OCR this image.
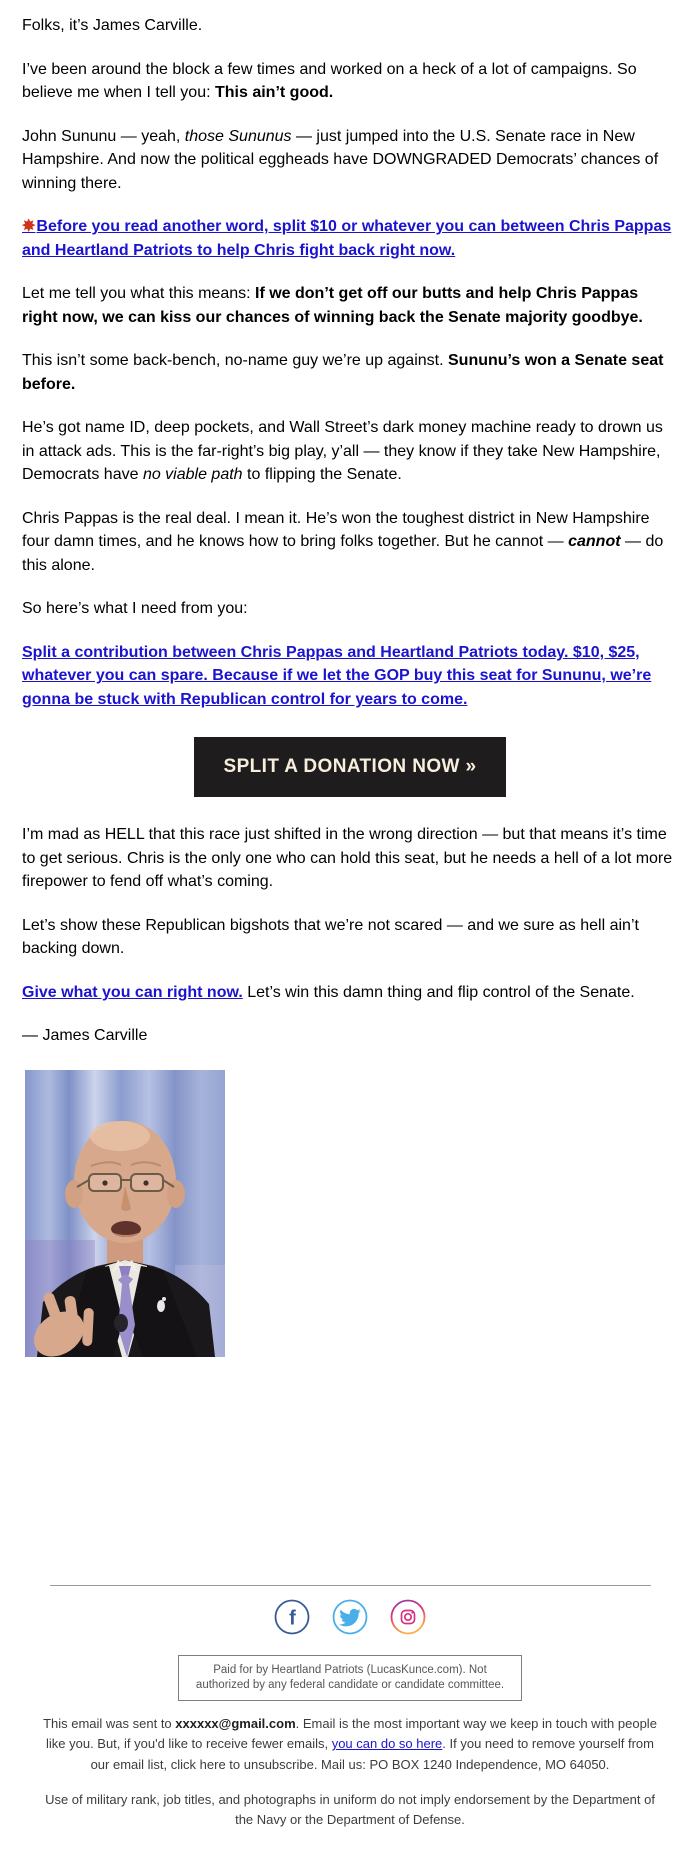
Folks, it’s James Carville.

I’ve been around the block a few times and worked on a heck of a lot of campaigns. So believe me when I tell you: This ain’t good.

John Sununu — yeah, those Sununus — just jumped into the U.S. Senate race in New Hampshire. And now the political eggheads have DOWNGRADED Democrats’ chances of winning there.

✸Before you read another word, split $10 or whatever you can between Chris Pappas and Heartland Patriots to help Chris fight back right now.

Let me tell you what this means: If we don’t get off our butts and help Chris Pappas right now, we can kiss our chances of winning back the Senate majority goodbye.

This isn’t some back-bench, no-name guy we’re up against. Sununu’s won a Senate seat before.

He’s got name ID, deep pockets, and Wall Street’s dark money machine ready to drown us in attack ads. This is the far-right’s big play, y’all — they know if they take New Hampshire, Democrats have no viable path to flipping the Senate.

Chris Pappas is the real deal. I mean it. He’s won the toughest district in New Hampshire four damn times, and he knows how to bring folks together. But he cannot — cannot — do this alone.

So here’s what I need from you:

Split a contribution between Chris Pappas and Heartland Patriots today. $10, $25, whatever you can spare. Because if we let the GOP buy this seat for Sununu, we’re gonna be stuck with Republican control for years to come.

SPLIT A DONATION NOW »

I’m mad as HELL that this race just shifted in the wrong direction — but that means it’s time to get serious. Chris is the only one who can hold this seat, but he needs a hell of a lot more firepower to fend off what’s coming.

Let’s show these Republican bigshots that we’re not scared — and we sure as hell ain’t backing down.

Give what you can right now. Let’s win this damn thing and flip control of the Senate.

— James Carville

f

Paid for by Heartland Patriots (LucasKunce.com). Not authorized by any federal candidate or candidate committee.

This email was sent to xxxxxx@gmail.com. Email is the most important way we keep in touch with people like you. But, if you'd like to receive fewer emails, you can do so here. If you need to remove yourself from our email list, click here to unsubscribe. Mail us: PO BOX 1240 Independence, MO 64050.

Use of military rank, job titles, and photographs in uniform do not imply endorsement by the Department of the Navy or the Department of Defense.
